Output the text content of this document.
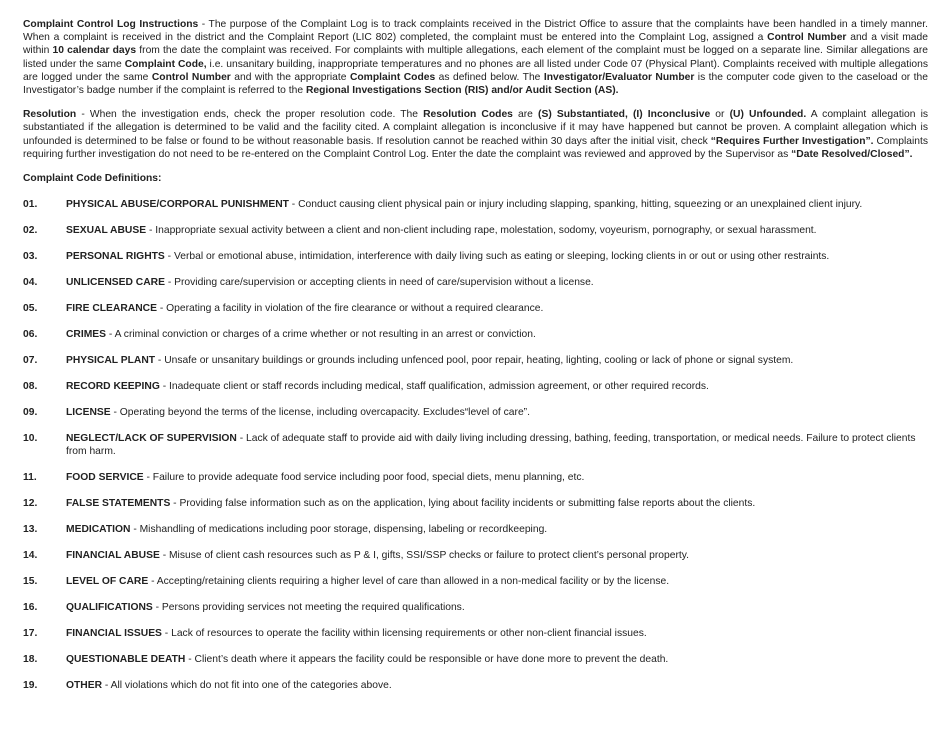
Complaint Control Log Instructions - The purpose of the Complaint Log is to track complaints received in the District Office to assure that the complaints have been handled in a timely manner. When a complaint is received in the district and the Complaint Report (LIC 802) completed, the complaint must be entered into the Complaint Log, assigned a Control Number and a visit made within 10 calendar days from the date the complaint was received. For complaints with multiple allegations, each element of the complaint must be logged on a separate line. Similar allegations are listed under the same Complaint Code, i.e. unsanitary building, inappropriate temperatures and no phones are all listed under Code 07 (Physical Plant). Complaints received with multiple allegations are logged under the same Control Number and with the appropriate Complaint Codes as defined below. The Investigator/Evaluator Number is the computer code given to the caseload or the Investigator’s badge number if the complaint is referred to the Regional Investigations Section (RIS) and/or Audit Section (AS).

Resolution - When the investigation ends, check the proper resolution code. The Resolution Codes are (S) Substantiated, (I) Inconclusive or (U) Unfounded. A complaint allegation is substantiated if the allegation is determined to be valid and the facility cited. A complaint allegation is inconclusive if it may have happened but cannot be proven. A complaint allegation which is unfounded is determined to be false or found to be without reasonable basis. If resolution cannot be reached within 30 days after the initial visit, check “Requires Further Investigation”. Complaints requiring further investigation do not need to be re-entered on the Complaint Control Log. Enter the date the complaint was reviewed and approved by the Supervisor as “Date Resolved/Closed”.

Complaint Code Definitions:
01.	PHYSICAL ABUSE/CORPORAL PUNISHMENT - Conduct causing client physical pain or injury including slapping, spanking, hitting, squeezing or an unexplained client injury.
02.	SEXUAL ABUSE - Inappropriate sexual activity between a client and non-client including rape, molestation, sodomy, voyeurism, pornography, or sexual harassment.
03.	PERSONAL RIGHTS - Verbal or emotional abuse, intimidation, interference with daily living such as eating or sleeping, locking clients in or out or using other restraints.
04.	UNLICENSED CARE - Providing care/supervision or accepting clients in need of care/supervision without a license.
05.	FIRE CLEARANCE - Operating a facility in violation of the fire clearance or without a required clearance.
06.	CRIMES - A criminal conviction or charges of a crime whether or not resulting in an arrest or conviction.
07.	PHYSICAL PLANT - Unsafe or unsanitary buildings or grounds including unfenced pool, poor repair, heating, lighting, cooling or lack of phone or signal system.
08.	RECORD KEEPING - Inadequate client or staff records including medical, staff qualification, admission agreement, or other required records.
09.	LICENSE - Operating beyond the terms of the license, including overcapacity. Excludes“level of care”.
10.	NEGLECT/LACK OF SUPERVISION - Lack of adequate staff to provide aid with daily living including dressing, bathing, feeding, transportation, or medical needs. Failure to protect clients from harm.
11.	FOOD SERVICE - Failure to provide adequate food service including poor food, special diets, menu planning, etc.
12.	FALSE STATEMENTS - Providing false information such as on the application, lying about facility incidents or submitting false reports about the clients.
13.	MEDICATION - Mishandling of medications including poor storage, dispensing, labeling or recordkeeping.
14.	FINANCIAL ABUSE - Misuse of client cash resources such as P & I, gifts, SSI/SSP checks or failure to protect client’s personal property.
15.	LEVEL OF CARE - Accepting/retaining clients requiring a higher level of care than allowed in a non-medical facility or by the license.
16.	QUALIFICATIONS - Persons providing services not meeting the required qualifications.
17.	FINANCIAL ISSUES - Lack of resources to operate the facility within licensing requirements or other non-client financial issues.
18.	QUESTIONABLE DEATH - Client’s death where it appears the facility could be responsible or have done more to prevent the death.
19.	OTHER - All violations which do not fit into one of the categories above.
